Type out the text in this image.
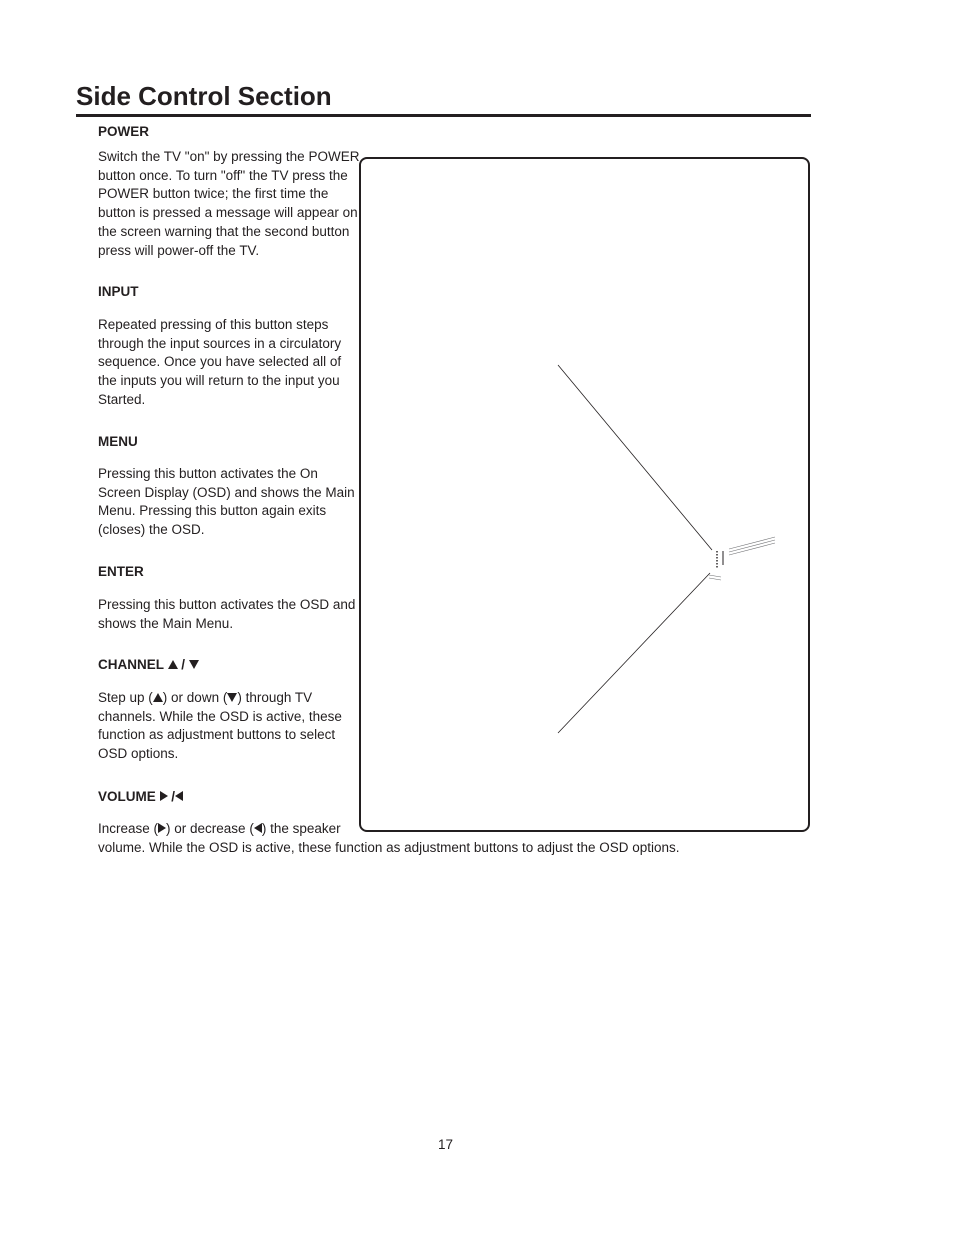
Side Control Section

POWER

Switch the TV "on" by pressing the POWER button once. To turn "off" the TV press the POWER button twice; the first time the button is pressed a message will appear on the screen warning that the second button press will power-off the TV.

INPUT

Repeated pressing of this button steps through the input sources in a circulatory sequence. Once you have selected all of the inputs you will return to the input you Started.

MENU

Pressing this button activates the On Screen Display (OSD) and shows the Main Menu. Pressing this button again exits (closes) the OSD.

ENTER

Pressing this button activates the OSD and shows the Main Menu.

CHANNEL  /

Step up ( ) or down ( ) through TV channels. While the OSD is active, these function as adjustment buttons to select OSD options.

VOLUME  /

Increase ( ) or decrease ( ) the speaker
volume. While the OSD is active, these function as adjustment buttons to adjust the OSD options.

17
